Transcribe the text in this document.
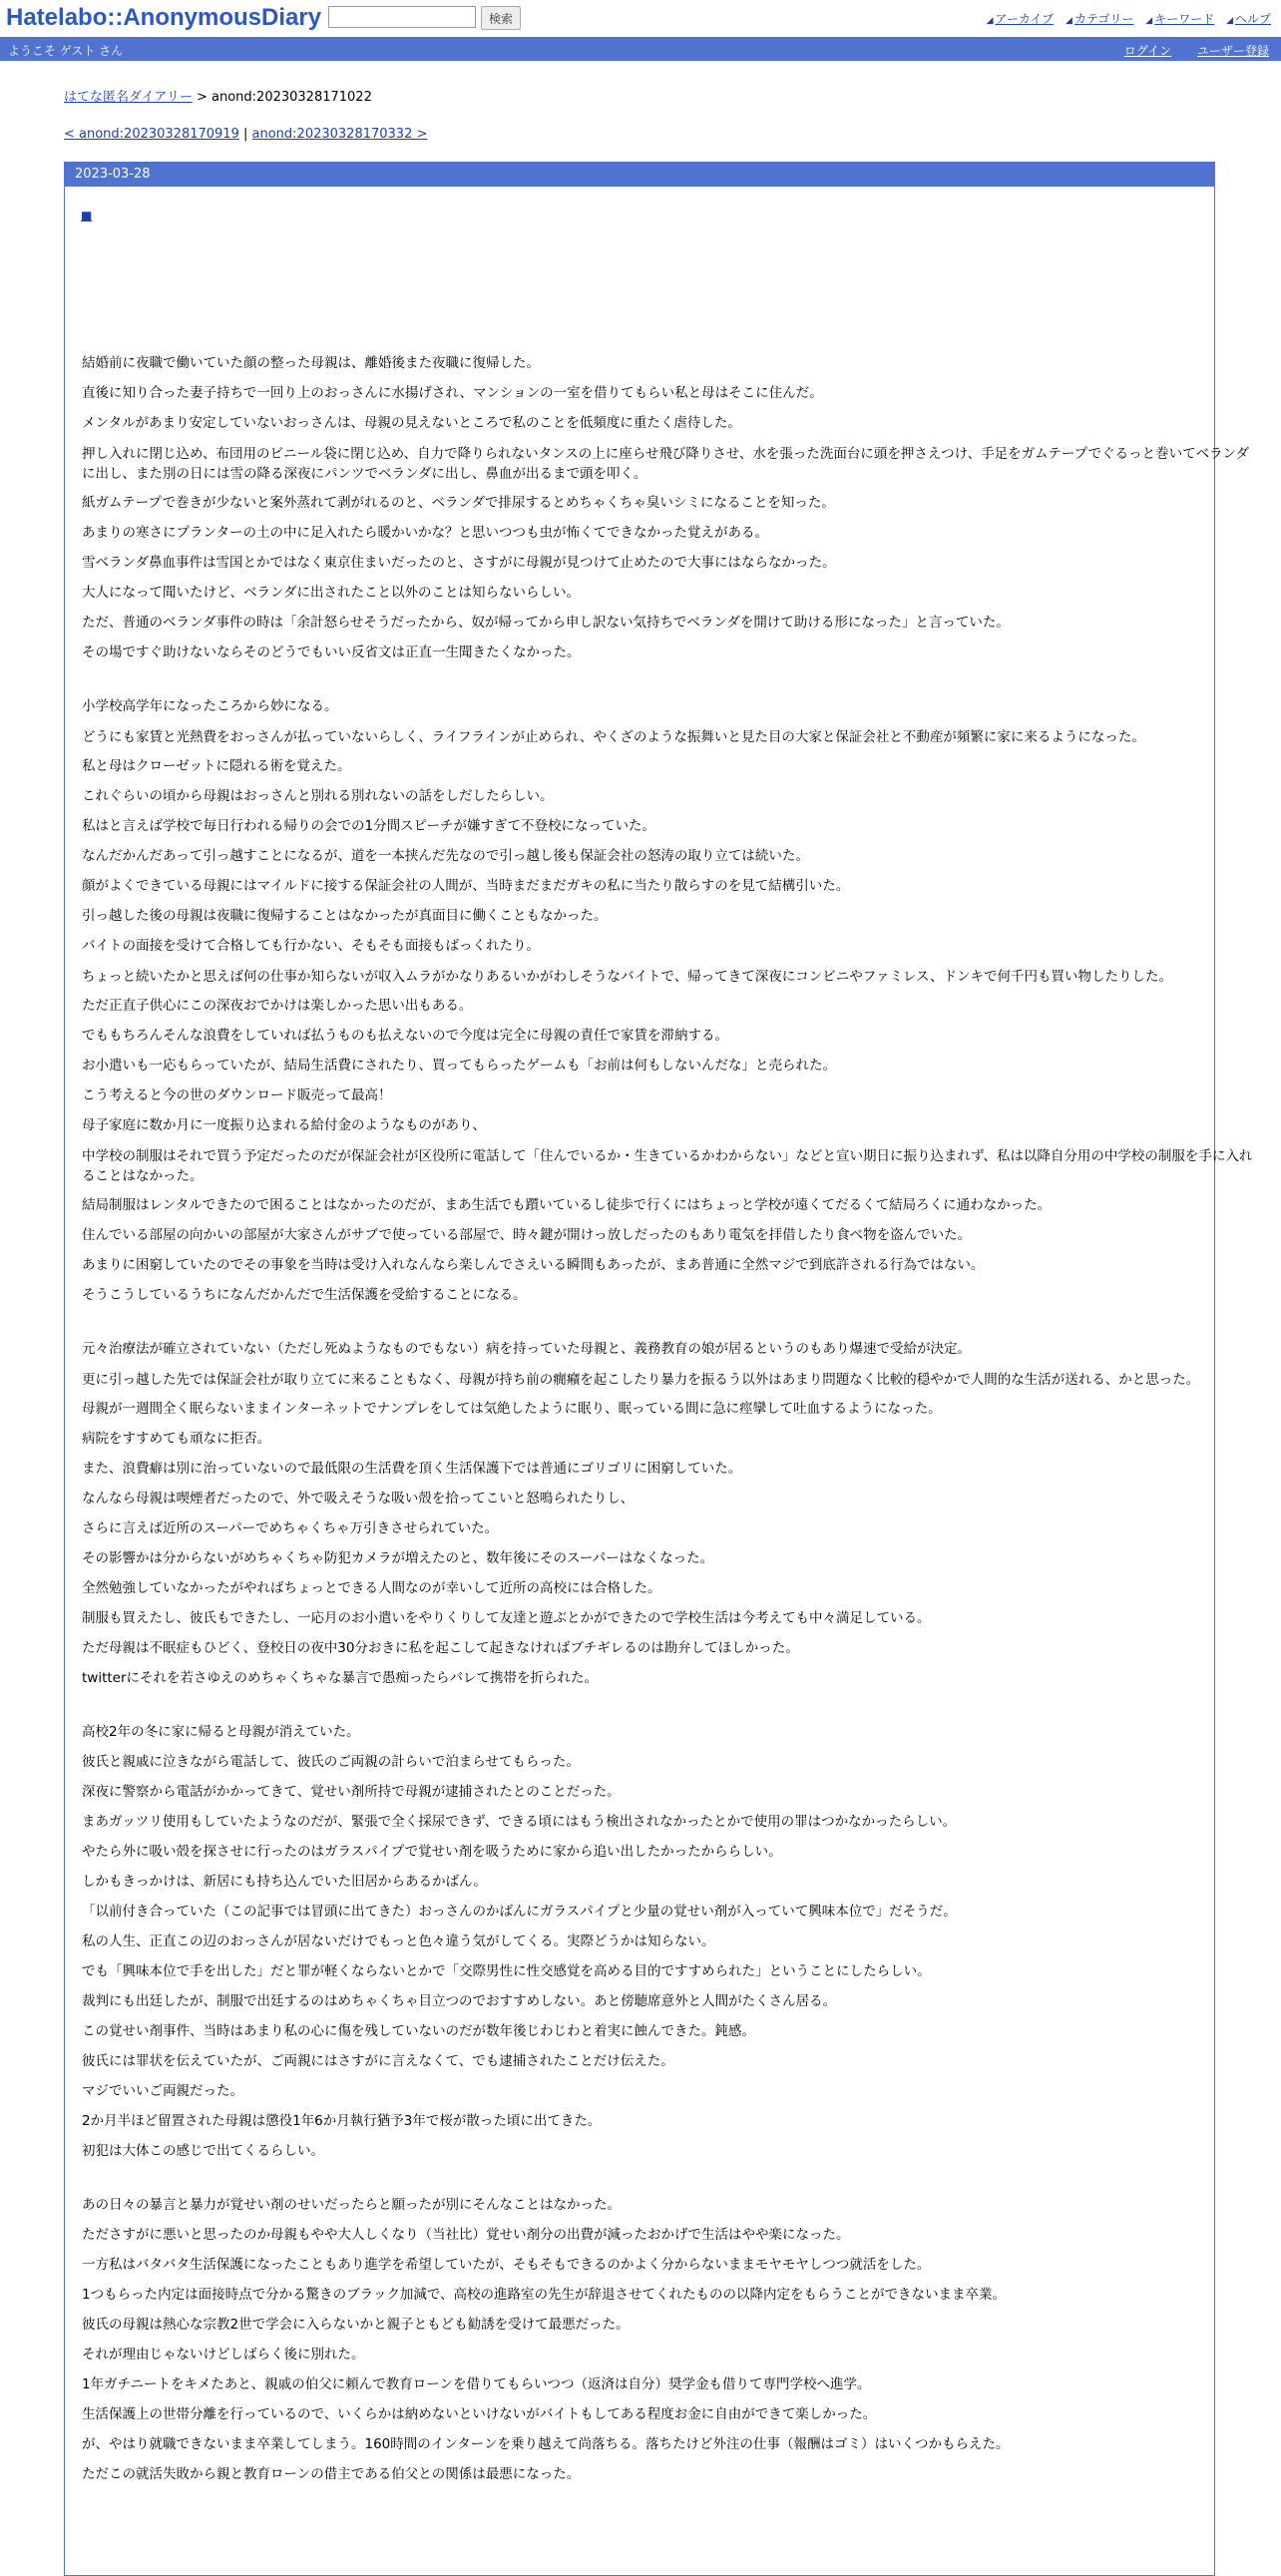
Hatelabo::AnonymousDiary	検索	◢ アーカイブ ◢ カテゴリー ◢ キーワード ◢ ヘルプ
ようこそ ゲスト さん	ログイン ユーザー登録
はてな匿名ダイアリー > anond:20230328171022
< anond:20230328170919 | anond:20230328170332 >
2023-03-28
■

結婚前に夜職で働いていた顔の整った母親は、離婚後また夜職に復帰した。

直後に知り合った妻子持ちで一回り上のおっさんに水揚げされ、マンションの一室を借りてもらい私と母はそこに住んだ。

メンタルがあまり安定していないおっさんは、母親の見えないところで私のことを低頻度に重たく虐待した。

押し入れに閉じ込め、布団用のビニール袋に閉じ込め、自力で降りられないタンスの上に座らせ飛び降りさせ、水を張った洗面台に頭を押さえつけ、手足をガムテープでぐるっと巻いてベランダに出し、また別の日には雪の降る深夜にパンツでベランダに出し、鼻血が出るまで頭を叩く。

紙ガムテープで巻きが少ないと案外蒸れて剥がれるのと、ベランダで排尿するとめちゃくちゃ臭いシミになることを知った。

あまりの寒さにプランターの土の中に足入れたら暖かいかな？と思いつつも虫が怖くてできなかった覚えがある。

雪ベランダ鼻血事件は雪国とかではなく東京住まいだったのと、さすがに母親が見つけて止めたので大事にはならなかった。

大人になって聞いたけど、ベランダに出されたこと以外のことは知らないらしい。

ただ、普通のベランダ事件の時は「余計怒らせそうだったから、奴が帰ってから申し訳ない気持ちでベランダを開けて助ける形になった」と言っていた。

その場ですぐ助けないならそのどうでもいい反省文は正直一生聞きたくなかった。

小学校高学年になったころから妙になる。

どうにも家賃と光熱費をおっさんが払っていないらしく、ライフラインが止められ、やくざのような振舞いと見た目の大家と保証会社と不動産が頻繁に家に来るようになった。

私と母はクローゼットに隠れる術を覚えた。

これぐらいの頃から母親はおっさんと別れる別れないの話をしだしたらしい。

私はと言えば学校で毎日行われる帰りの会での1分間スピーチが嫌すぎて不登校になっていた。

なんだかんだあって引っ越すことになるが、道を一本挟んだ先なので引っ越し後も保証会社の怒涛の取り立ては続いた。

顔がよくできている母親にはマイルドに接する保証会社の人間が、当時まだまだガキの私に当たり散らすのを見て結構引いた。

引っ越した後の母親は夜職に復帰することはなかったが真面目に働くこともなかった。

バイトの面接を受けて合格しても行かない、そもそも面接もばっくれたり。

ちょっと続いたかと思えば何の仕事か知らないが収入ムラがかなりあるいかがわしそうなバイトで、帰ってきて深夜にコンビニやファミレス、ドンキで何千円も買い物したりした。

ただ正直子供心にこの深夜おでかけは楽しかった思い出もある。

でももちろんそんな浪費をしていれば払うものも払えないので今度は完全に母親の責任で家賃を滞納する。

お小遣いも一応もらっていたが、結局生活費にされたり、買ってもらったゲームも「お前は何もしないんだな」と売られた。

こう考えると今の世のダウンロード販売って最高！

母子家庭に数か月に一度振り込まれる給付金のようなものがあり、

中学校の制服はそれで買う予定だったのだが保証会社が区役所に電話して「住んでいるか・生きているかわからない」などと宣い期日に振り込まれず、私は以降自分用の中学校の制服を手に入れることはなかった。

結局制服はレンタルできたので困ることはなかったのだが、まあ生活でも躓いているし徒歩で行くにはちょっと学校が遠くてだるくて結局ろくに通わなかった。

住んでいる部屋の向かいの部屋が大家さんがサブで使っている部屋で、時々鍵が開けっ放しだったのもあり電気を拝借したり食べ物を盗んでいた。

あまりに困窮していたのでその事象を当時は受け入れなんなら楽しんでさえいる瞬間もあったが、まあ普通に全然マジで到底許される行為ではない。

そうこうしているうちになんだかんだで生活保護を受給することになる。

元々治療法が確立されていない（ただし死ぬようなものでもない）病を持っていた母親と、義務教育の娘が居るというのもあり爆速で受給が決定。

更に引っ越した先では保証会社が取り立てに来ることもなく、母親が持ち前の癇癪を起こしたり暴力を振るう以外はあまり問題なく比較的穏やかで人間的な生活が送れる、かと思った。

母親が一週間全く眠らないままインターネットでナンプレをしては気絶したように眠り、眠っている間に急に痙攣して吐血するようになった。

病院をすすめても頑なに拒否。

また、浪費癖は別に治っていないので最低限の生活費を頂く生活保護下では普通にゴリゴリに困窮していた。

なんなら母親は喫煙者だったので、外で吸えそうな吸い殻を拾ってこいと怒鳴られたりし、

さらに言えば近所のスーパーでめちゃくちゃ万引きさせられていた。

その影響かは分からないがめちゃくちゃ防犯カメラが増えたのと、数年後にそのスーパーはなくなった。

全然勉強していなかったがやればちょっとできる人間なのが幸いして近所の高校には合格した。

制服も買えたし、彼氏もできたし、一応月のお小遣いをやりくりして友達と遊ぶとかができたので学校生活は今考えても中々満足している。

ただ母親は不眠症もひどく、登校日の夜中30分おきに私を起こして起きなければブチギレるのは勘弁してほしかった。

twitterにそれを若さゆえのめちゃくちゃな暴言で愚痴ったらバレて携帯を折られた。

高校2年の冬に家に帰ると母親が消えていた。

彼氏と親戚に泣きながら電話して、彼氏のご両親の計らいで泊まらせてもらった。

深夜に警察から電話がかかってきて、覚せい剤所持で母親が逮捕されたとのことだった。

まあガッツリ使用もしていたようなのだが、緊張で全く採尿できず、できる頃にはもう検出されなかったとかで使用の罪はつかなかったらしい。

やたら外に吸い殻を探させに行ったのはガラスパイプで覚せい剤を吸うために家から追い出したかったかららしい。

しかもきっかけは、新居にも持ち込んでいた旧居からあるかばん。

「以前付き合っていた（この記事では冒頭に出てきた）おっさんのかばんにガラスパイプと少量の覚せい剤が入っていて興味本位で」だそうだ。

私の人生、正直この辺のおっさんが居ないだけでもっと色々違う気がしてくる。実際どうかは知らない。

でも「興味本位で手を出した」だと罪が軽くならないとかで「交際男性に性交感覚を高める目的ですすめられた」ということにしたらしい。

裁判にも出廷したが、制服で出廷するのはめちゃくちゃ目立つのでおすすめしない。あと傍聴席意外と人間がたくさん居る。

この覚せい剤事件、当時はあまり私の心に傷を残していないのだが数年後じわじわと着実に蝕んできた。鈍感。

彼氏には罪状を伝えていたが、ご両親にはさすがに言えなくて、でも逮捕されたことだけ伝えた。

マジでいいご両親だった。

2か月半ほど留置された母親は懲役1年6か月執行猶予3年で桜が散った頃に出てきた。

初犯は大体この感じで出てくるらしい。

あの日々の暴言と暴力が覚せい剤のせいだったらと願ったが別にそんなことはなかった。

たださすがに悪いと思ったのか母親もやや大人しくなり（当社比）覚せい剤分の出費が減ったおかげで生活はやや楽になった。

一方私はバタバタ生活保護になったこともあり進学を希望していたが、そもそもできるのかよく分からないままモヤモヤしつつ就活をした。

1つもらった内定は面接時点で分かる驚きのブラック加減で、高校の進路室の先生が辞退させてくれたものの以降内定をもらうことができないまま卒業。

彼氏の母親は熱心な宗教2世で学会に入らないかと親子ともども勧誘を受けて最悪だった。

それが理由じゃないけどしばらく後に別れた。

1年ガチニートをキメたあと、親戚の伯父に頼んで教育ローンを借りてもらいつつ（返済は自分）奨学金も借りて専門学校へ進学。

生活保護上の世帯分離を行っているので、いくらかは納めないといけないがバイトもしてある程度お金に自由ができて楽しかった。

が、やはり就職できないまま卒業してしまう。160時間のインターンを乗り越えて尚落ちる。落ちたけど外注の仕事（報酬はゴミ）はいくつかもらえた。

ただこの就活失敗から親と教育ローンの借主である伯父との関係は最悪になった。
